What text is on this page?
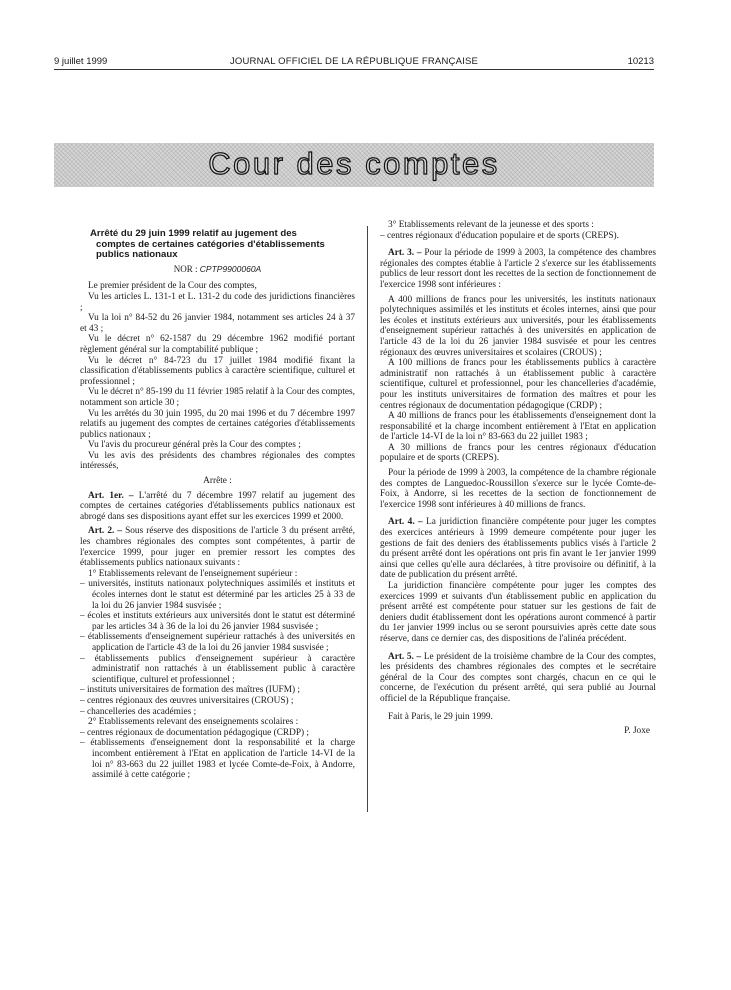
9 juillet 1999	JOURNAL OFFICIEL DE LA RÉPUBLIQUE FRANÇAISE	10213
Cour des comptes
Arrêté du 29 juin 1999 relatif au jugement des
comptes de certaines catégories d'établissements
publics nationaux
NOR : CPTP9900060A

Le premier président de la Cour des comptes,

Vu les articles L. 131-1 et L. 131-2 du code des juridictions financières ;

Vu la loi n° 84-52 du 26 janvier 1984, notamment ses articles 24 à 37 et 43 ;

Vu le décret n° 62-1587 du 29 décembre 1962 modifié portant règlement général sur la comptabilité publique ;

Vu le décret n° 84-723 du 17 juillet 1984 modifié fixant la classification d'établissements publics à caractère scientifique, culturel et professionnel ;

Vu le décret n° 85-199 du 11 février 1985 relatif à la Cour des comptes, notamment son article 30 ;

Vu les arrêtés du 30 juin 1995, du 20 mai 1996 et du 7 décembre 1997 relatifs au jugement des comptes de certaines catégories d'établissements publics nationaux ;

Vu l'avis du procureur général près la Cour des comptes ;

Vu les avis des présidents des chambres régionales des comptes intéressés,

Arrête :

Art. 1er. – L'arrêté du 7 décembre 1997 relatif au jugement des comptes de certaines catégories d'établissements publics nationaux est abrogé dans ses dispositions ayant effet sur les exercices 1999 et 2000.

Art. 2. – Sous réserve des dispositions de l'article 3 du présent arrêté, les chambres régionales des comptes sont compétentes, à partir de l'exercice 1999, pour juger en premier ressort les comptes des établissements publics nationaux suivants :

1° Etablissements relevant de l'enseignement supérieur :

– universités, instituts nationaux polytechniques assimilés et instituts et écoles internes dont le statut est déterminé par les articles 25 à 33 de la loi du 26 janvier 1984 susvisée ;

– écoles et instituts extérieurs aux universités dont le statut est déterminé par les articles 34 à 36 de la loi du 26 janvier 1984 susvisée ;

– établissements d'enseignement supérieur rattachés à des universités en application de l'article 43 de la loi du 26 janvier 1984 susvisée ;

– établissements publics d'enseignement supérieur à caractère administratif non rattachés à un établissement public à caractère scientifique, culturel et professionnel ;

– instituts universitaires de formation des maîtres (IUFM) ;

– centres régionaux des œuvres universitaires (CROUS) ;

– chancelleries des académies ;

2° Etablissements relevant des enseignements scolaires :

– centres régionaux de documentation pédagogique (CRDP) ;

– établissements d'enseignement dont la responsabilité et la charge incombent entièrement à l'Etat en application de l'article 14-VI de la loi n° 83-663 du 22 juillet 1983 et lycée Comte-de-Foix, à Andorre, assimilé à cette catégorie ;

3° Etablissements relevant de la jeunesse et des sports :

– centres régionaux d'éducation populaire et de sports (CREPS).

Art. 3. – Pour la période de 1999 à 2003, la compétence des chambres régionales des comptes établie à l'article 2 s'exerce sur les établissements publics de leur ressort dont les recettes de la section de fonctionnement de l'exercice 1998 sont inférieures :

A 400 millions de francs pour les universités, les instituts nationaux polytechniques assimilés et les instituts et écoles internes, ainsi que pour les écoles et instituts extérieurs aux universités, pour les établissements d'enseignement supérieur rattachés à des universités en application de l'article 43 de la loi du 26 janvier 1984 susvisée et pour les centres régionaux des œuvres universitaires et scolaires (CROUS) ;

A 100 millions de francs pour les établissements publics à caractère administratif non rattachés à un établissement public à caractère scientifique, culturel et professionnel, pour les chancelleries d'académie, pour les instituts universitaires de formation des maîtres et pour les centres régionaux de documentation pédagogique (CRDP) ;

A 40 millions de francs pour les établissements d'enseignement dont la responsabilité et la charge incombent entièrement à l'Etat en application de l'article 14-VI de la loi n° 83-663 du 22 juillet 1983 ;

A 30 millions de francs pour les centres régionaux d'éducation populaire et de sports (CREPS).

Pour la période de 1999 à 2003, la compétence de la chambre régionale des comptes de Languedoc-Roussillon s'exerce sur le lycée Comte-de-Foix, à Andorre, si les recettes de la section de fonctionnement de l'exercice 1998 sont inférieures à 40 millions de francs.

Art. 4. – La juridiction financière compétente pour juger les comptes des exercices antérieurs à 1999 demeure compétente pour juger les gestions de fait des deniers des établissements publics visés à l'article 2 du présent arrêté dont les opérations ont pris fin avant le 1er janvier 1999 ainsi que celles qu'elle aura déclarées, à titre provisoire ou définitif, à la date de publication du présent arrêté.

La juridiction financière compétente pour juger les comptes des exercices 1999 et suivants d'un établissement public en application du présent arrêté est compétente pour statuer sur les gestions de fait de deniers dudit établissement dont les opérations auront commencé à partir du 1er janvier 1999 inclus ou se seront poursuivies après cette date sous réserve, dans ce dernier cas, des dispositions de l'alinéa précédent.

Art. 5. – Le président de la troisième chambre de la Cour des comptes, les présidents des chambres régionales des comptes et le secrétaire général de la Cour des comptes sont chargés, chacun en ce qui le concerne, de l'exécution du présent arrêté, qui sera publié au Journal officiel de la République française.

Fait à Paris, le 29 juin 1999.

P. Joxe
